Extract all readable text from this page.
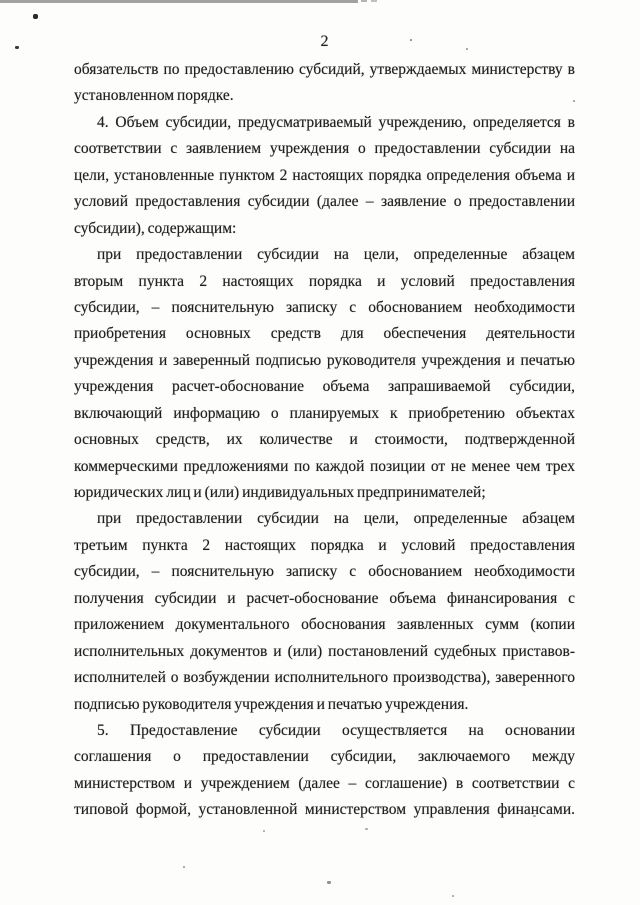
2
обязательств по предоставлению субсидий, утверждаемых министерству в
установленном порядке.
4. Объем субсидии, предусматриваемый учреждению, определяется в
соответствии с заявлением учреждения о предоставлении субсидии на
цели, установленные пунктом 2 настоящих порядка определения объема и
условий предоставления субсидии (далее – заявление о предоставлении
субсидии), содержащим:
при предоставлении субсидии на цели, определенные абзацем
вторым пункта 2 настоящих порядка и условий предоставления
субсидии, – пояснительную записку с обоснованием необходимости
приобретения основных средств для обеспечения деятельности
учреждения и заверенный подписью руководителя учреждения и печатью
учреждения расчет-обоснование объема запрашиваемой субсидии,
включающий информацию о планируемых к приобретению объектах
основных средств, их количестве и стоимости, подтвержденной
коммерческими предложениями по каждой позиции от не менее чем трех
юридических лиц и (или) индивидуальных предпринимателей;
при предоставлении субсидии на цели, определенные абзацем
третьим пункта 2 настоящих порядка и условий предоставления
субсидии, – пояснительную записку с обоснованием необходимости
получения субсидии и расчет-обоснование объема финансирования с
приложением документального обоснования заявленных сумм (копии
исполнительных документов и (или) постановлений судебных приставов-
исполнителей о возбуждении исполнительного производства), заверенного
подписью руководителя учреждения и печатью учреждения.
5. Предоставление субсидии осуществляется на основании
соглашения о предоставлении субсидии, заключаемого между
министерством и учреждением (далее – соглашение) в соответствии с
типовой формой, установленной министерством управления финансами.
